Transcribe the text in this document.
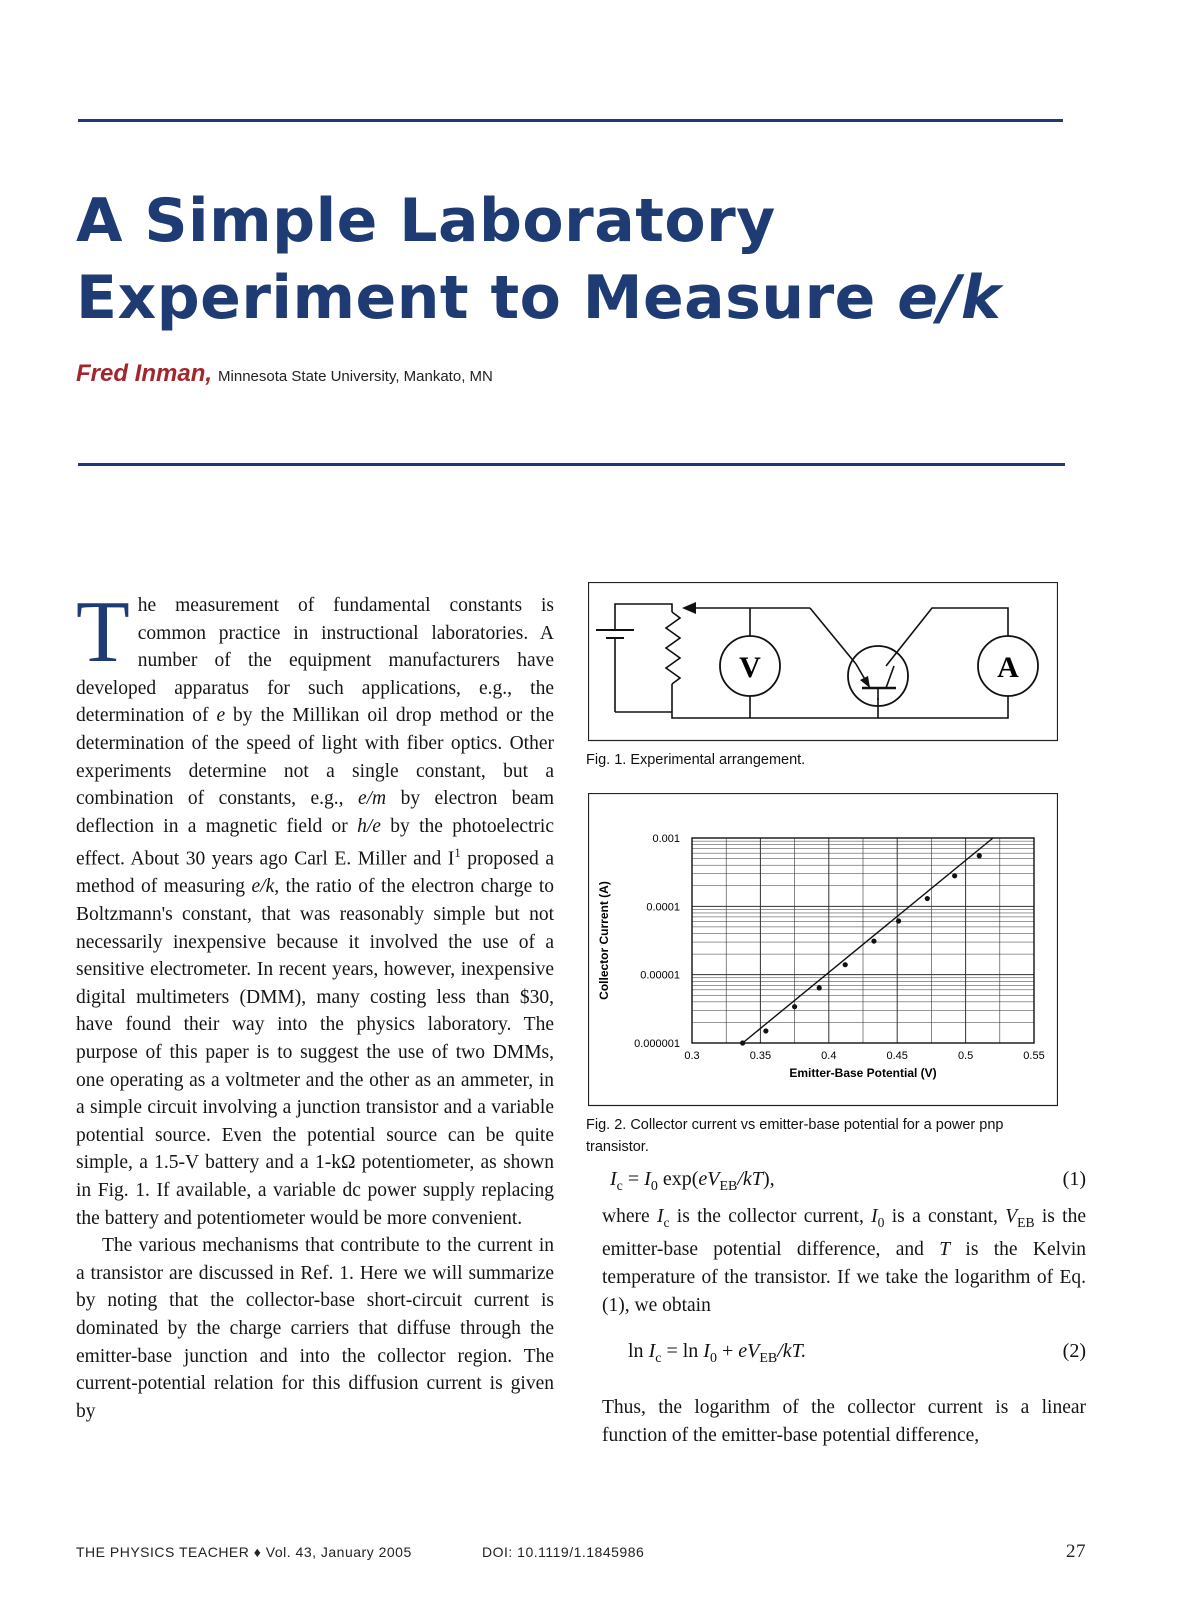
A Simple Laboratory
Experiment to Measure e/k
Fred Inman, Minnesota State University, Mankato, MN

The measurement of fundamental constants is common practice in instructional laboratories. A number of the equipment manufacturers have developed apparatus for such applications, e.g., the determination of e by the Millikan oil drop method or the determination of the speed of light with fiber optics. Other experiments determine not a single constant, but a combination of constants, e.g., e/m by electron beam deflection in a magnetic field or h/e by the photoelectric effect. About 30 years ago Carl E. Miller and $I^1$ proposed a method of measuring e/k, the ratio of the electron charge to Boltzmann's constant, that was reasonably simple but not necessarily inexpensive because it involved the use of a sensitive electrometer. In recent years, however, inexpensive digital multimeters (DMM), many costing less than $30, have found their way into the physics laboratory. The purpose of this paper is to suggest the use of two DMMs, one operating as a voltmeter and the other as an ammeter, in a simple circuit involving a junction transistor and a variable potential source. Even the potential source can be quite simple, a 1.5-V battery and a 1-kΩ potentiometer, as shown in Fig. 1. If available, a variable dc power supply replacing the battery and potentiometer would be more convenient.

The various mechanisms that contribute to the current in a transistor are discussed in Ref. 1. Here we will summarize by noting that the collector-base short-circuit current is dominated by the charge carriers that diffuse through the emitter-base junction and into the collector region. The current-potential relation for this diffusion current is given by

V	A
Fig. 1. Experimental arrangement.
0.3	0.35	0.4	0.45	0.5	0.55
0.001
0.0001
0.00001
0.000001
Emitter-Base Potential (V)
Collector Current (A)
Fig. 2. Collector current vs emitter-base potential for a power pnp transistor.
$I_c = I_0$ $\exp(eV_{EB}/kT)$,	(1)
where $I_c$ is the collector current, $I_0$ is a constant, $V_{EB}$ is the emitter-base potential difference, and T is the Kelvin temperature of the transistor. If we take the logarithm of Eq. (1), we obtain
$\ln I_c = \ln I_0 + eV_{EB}/kT$.	(2)
Thus, the logarithm of the collector current is a linear function of the emitter-base potential difference,
THE PHYSICS TEACHER ♦ Vol. 43, January 2005	DOI: 10.1119/1.1845986	27
